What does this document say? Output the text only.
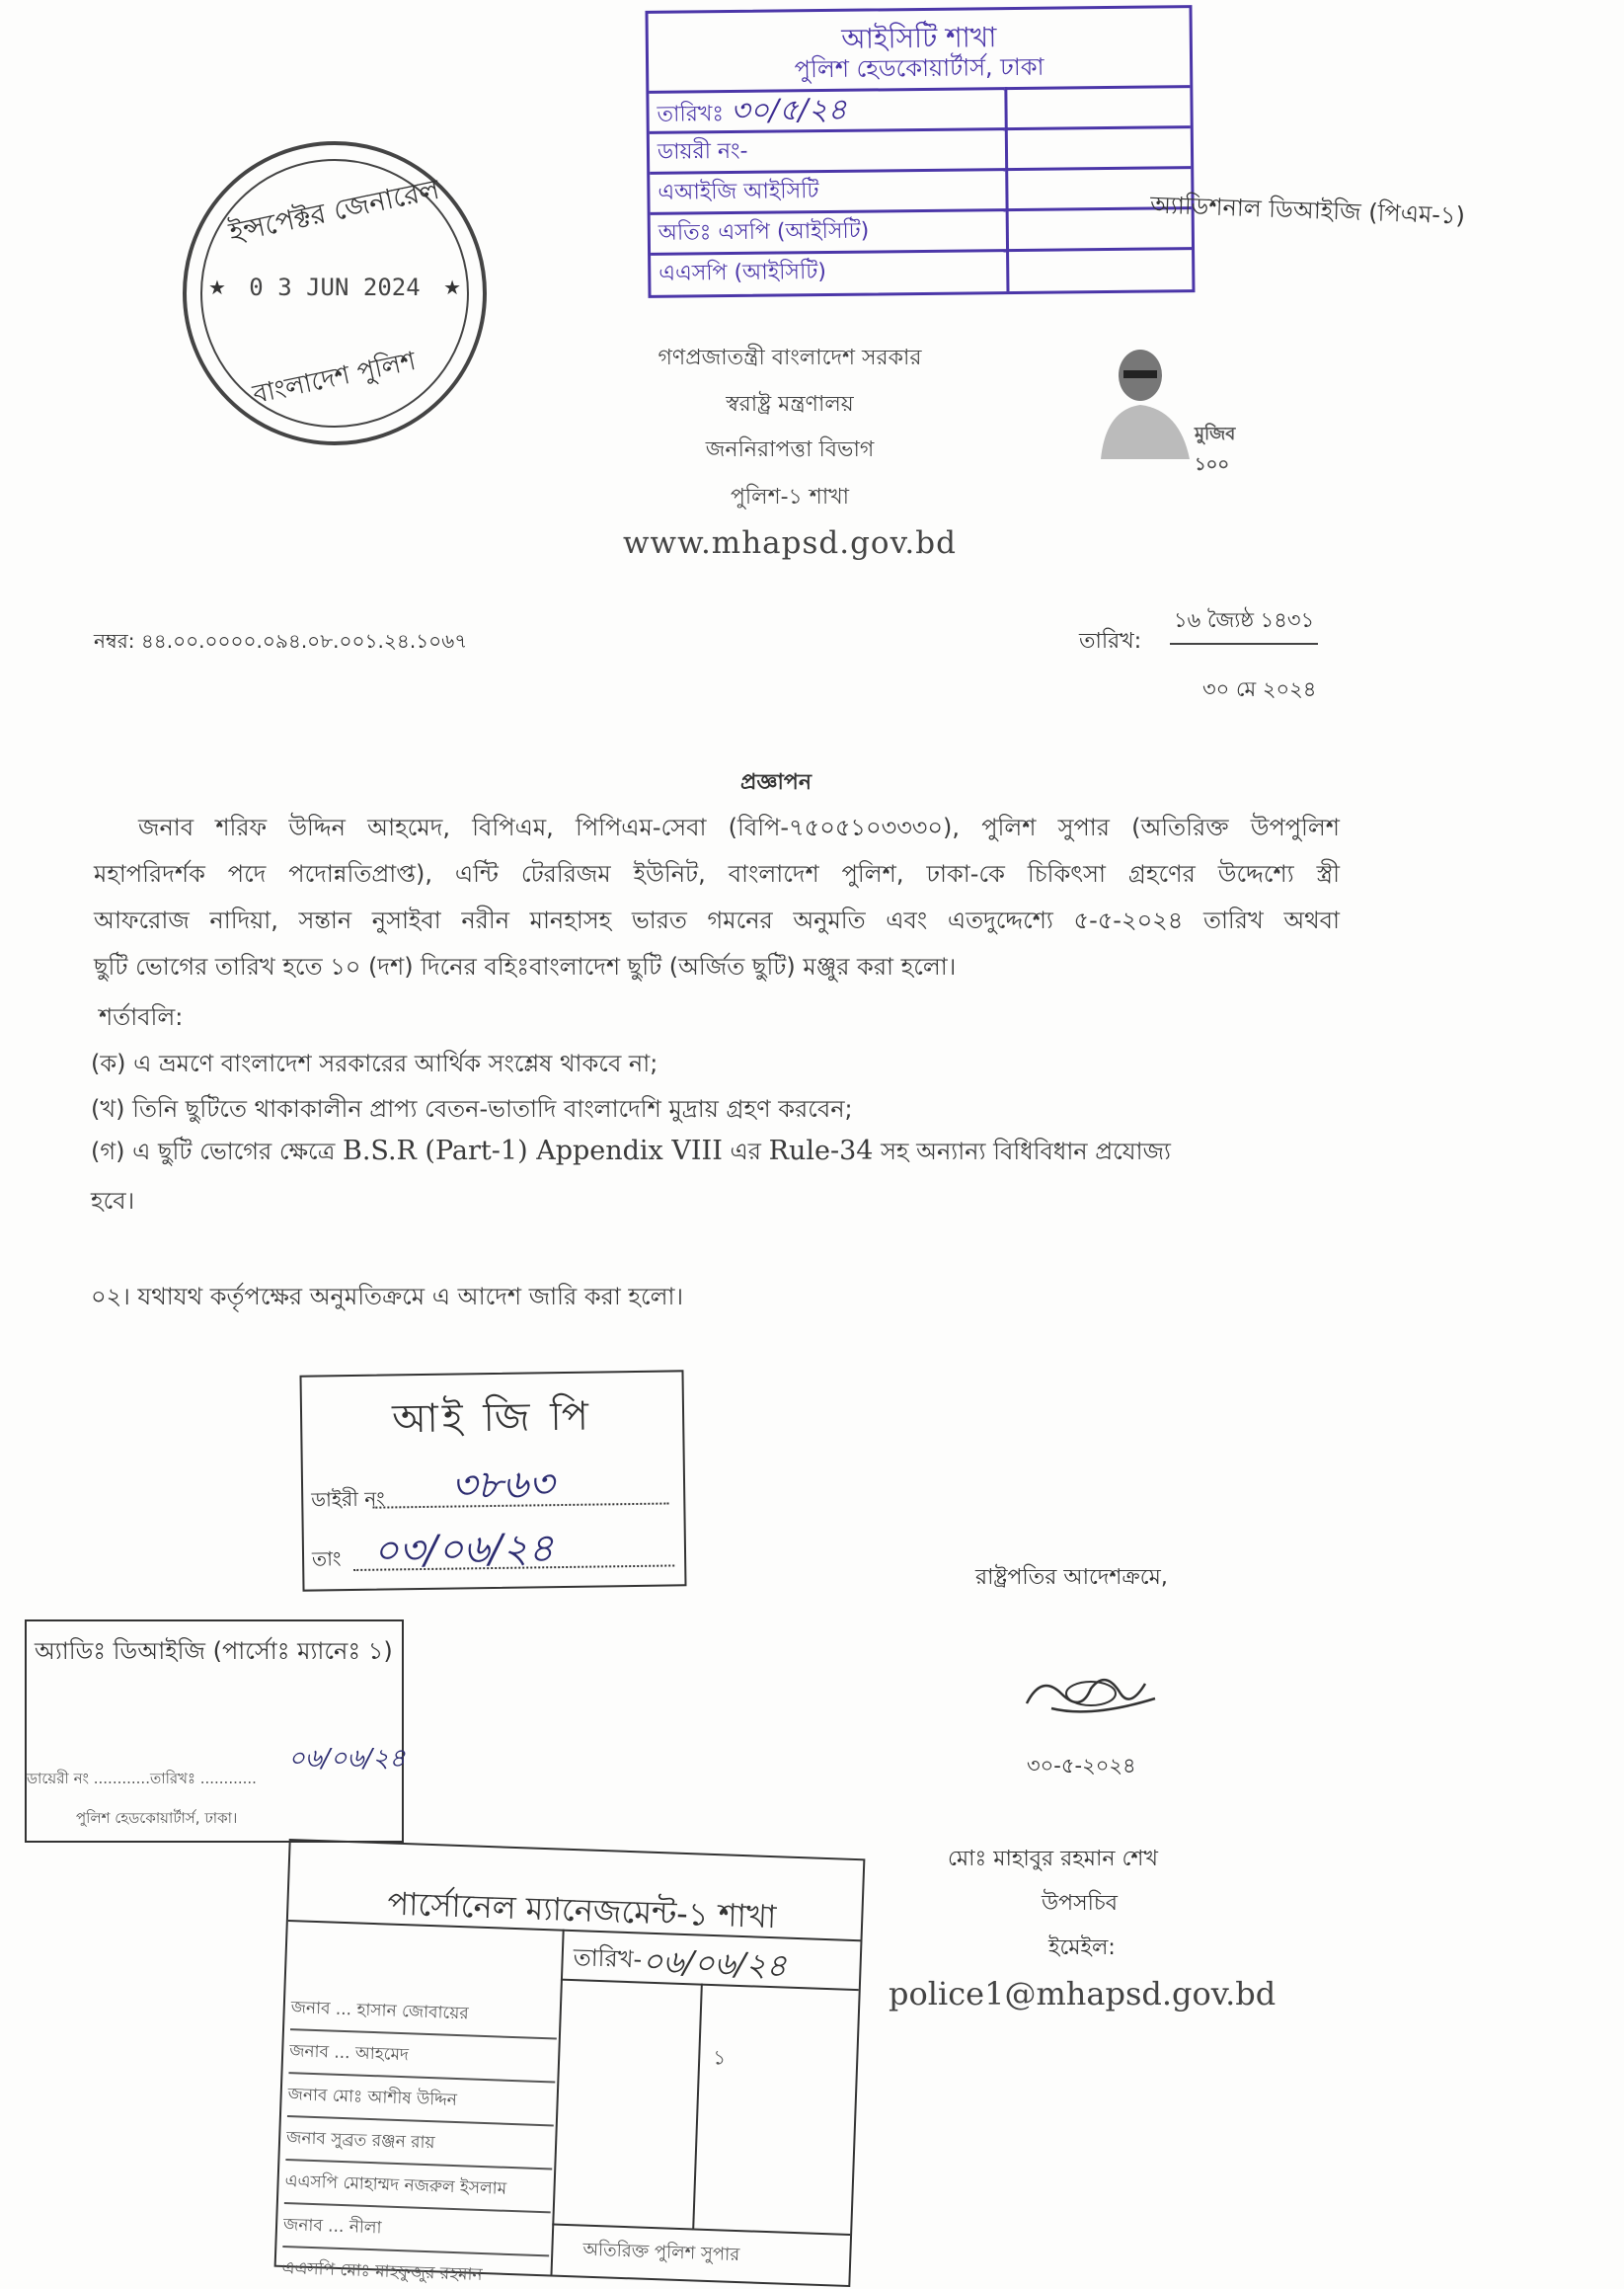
আইসিটি শাখা
পুলিশ হেডকোয়ার্টার্স, ঢাকা
তারিখঃ ৩০/৫/২৪
ডায়রী নং-
এআইজি আইসিটি
অতিঃ এসপি (আইসিটি)
এএসপি (আইসিটি)
অ্যাডিশনাল ডিআইজি (পিএম-১)
ইন্সপেক্টর জেনারেল
0 3 JUN 2024
বাংলাদেশ পুলিশ
★	★
গণপ্রজাতন্ত্রী বাংলাদেশ সরকার
স্বরাষ্ট্র মন্ত্রণালয়
জননিরাপত্তা বিভাগ
পুলিশ-১ শাখা
www.mhapsd.gov.bd
মুজিব ১০০
নম্বর: ৪৪.০০.০০০০.০৯৪.০৮.০০১.২৪.১০৬৭	তারিখ:
১৬ জ্যৈষ্ঠ ১৪৩১
৩০ মে ২০২৪
প্রজ্ঞাপন
জনাব শরিফ উদ্দিন আহমেদ, বিপিএম, পিপিএম-সেবা (বিপি-৭৫০৫১০৩৩৩০), পুলিশ সুপার (অতিরিক্ত উপপুলিশ
মহাপরিদর্শক পদে পদোন্নতিপ্রাপ্ত), এন্টি টেররিজম ইউনিট, বাংলাদেশ পুলিশ, ঢাকা-কে চিকিৎসা গ্রহণের উদ্দেশ্যে স্ত্রী
আফরোজ নাদিয়া, সন্তান নুসাইবা নরীন মানহাসহ ভারত গমনের অনুমতি এবং এতদুদ্দেশ্যে ৫-৫-২০২৪ তারিখ অথবা
ছুটি ভোগের তারিখ হতে ১০ (দশ) দিনের বহিঃবাংলাদেশ ছুটি (অর্জিত ছুটি) মঞ্জুর করা হলো।
শর্তাবলি:
(ক) এ ভ্রমণে বাংলাদেশ সরকারের আর্থিক সংশ্লেষ থাকবে না;
(খ) তিনি ছুটিতে থাকাকালীন প্রাপ্য বেতন-ভাতাদি বাংলাদেশি মুদ্রায় গ্রহণ করবেন;
(গ) এ ছুটি ভোগের ক্ষেত্রে B.S.R (Part-1) Appendix VIII এর Rule-34 সহ অন্যান্য বিধিবিধান প্রযোজ্য
হবে।
০২। যথাযথ কর্তৃপক্ষের অনুমতিক্রমে এ আদেশ জারি করা হলো।
আই জি পি
ডাইরী নং ৩৮৬৩
তাং ০৩/০৬/২৪
অ্যাডিঃ ডিআইজি (পার্সোঃ ম্যানেঃ ১)
ডায়েরী নং ............তারিখঃ ............
০৬/০৬/২৪
পুলিশ হেডকোয়ার্টার্স, ঢাকা।
পার্সোনেল ম্যানেজমেন্ট-১ শাখা
তারিখ- ০৬/০৬/২৪
জনাব ... হাসান জোবায়ের
জনাব ... আহমেদ
জনাব মোঃ আশীষ উদ্দিন
জনাব সুব্রত রঞ্জন রায়
এএসপি মোহাম্মদ নজরুল ইসলাম
জনাব ... নীলা
এএসপি মোঃ মাহফুজুর রহমান
১
অতিরিক্ত পুলিশ সুপার
রাষ্ট্রপতির আদেশক্রমে,
৩০-৫-২০২৪
মোঃ মাহাবুর রহমান শেখ
উপসচিব
ইমেইল:
police1@mhapsd.gov.bd
